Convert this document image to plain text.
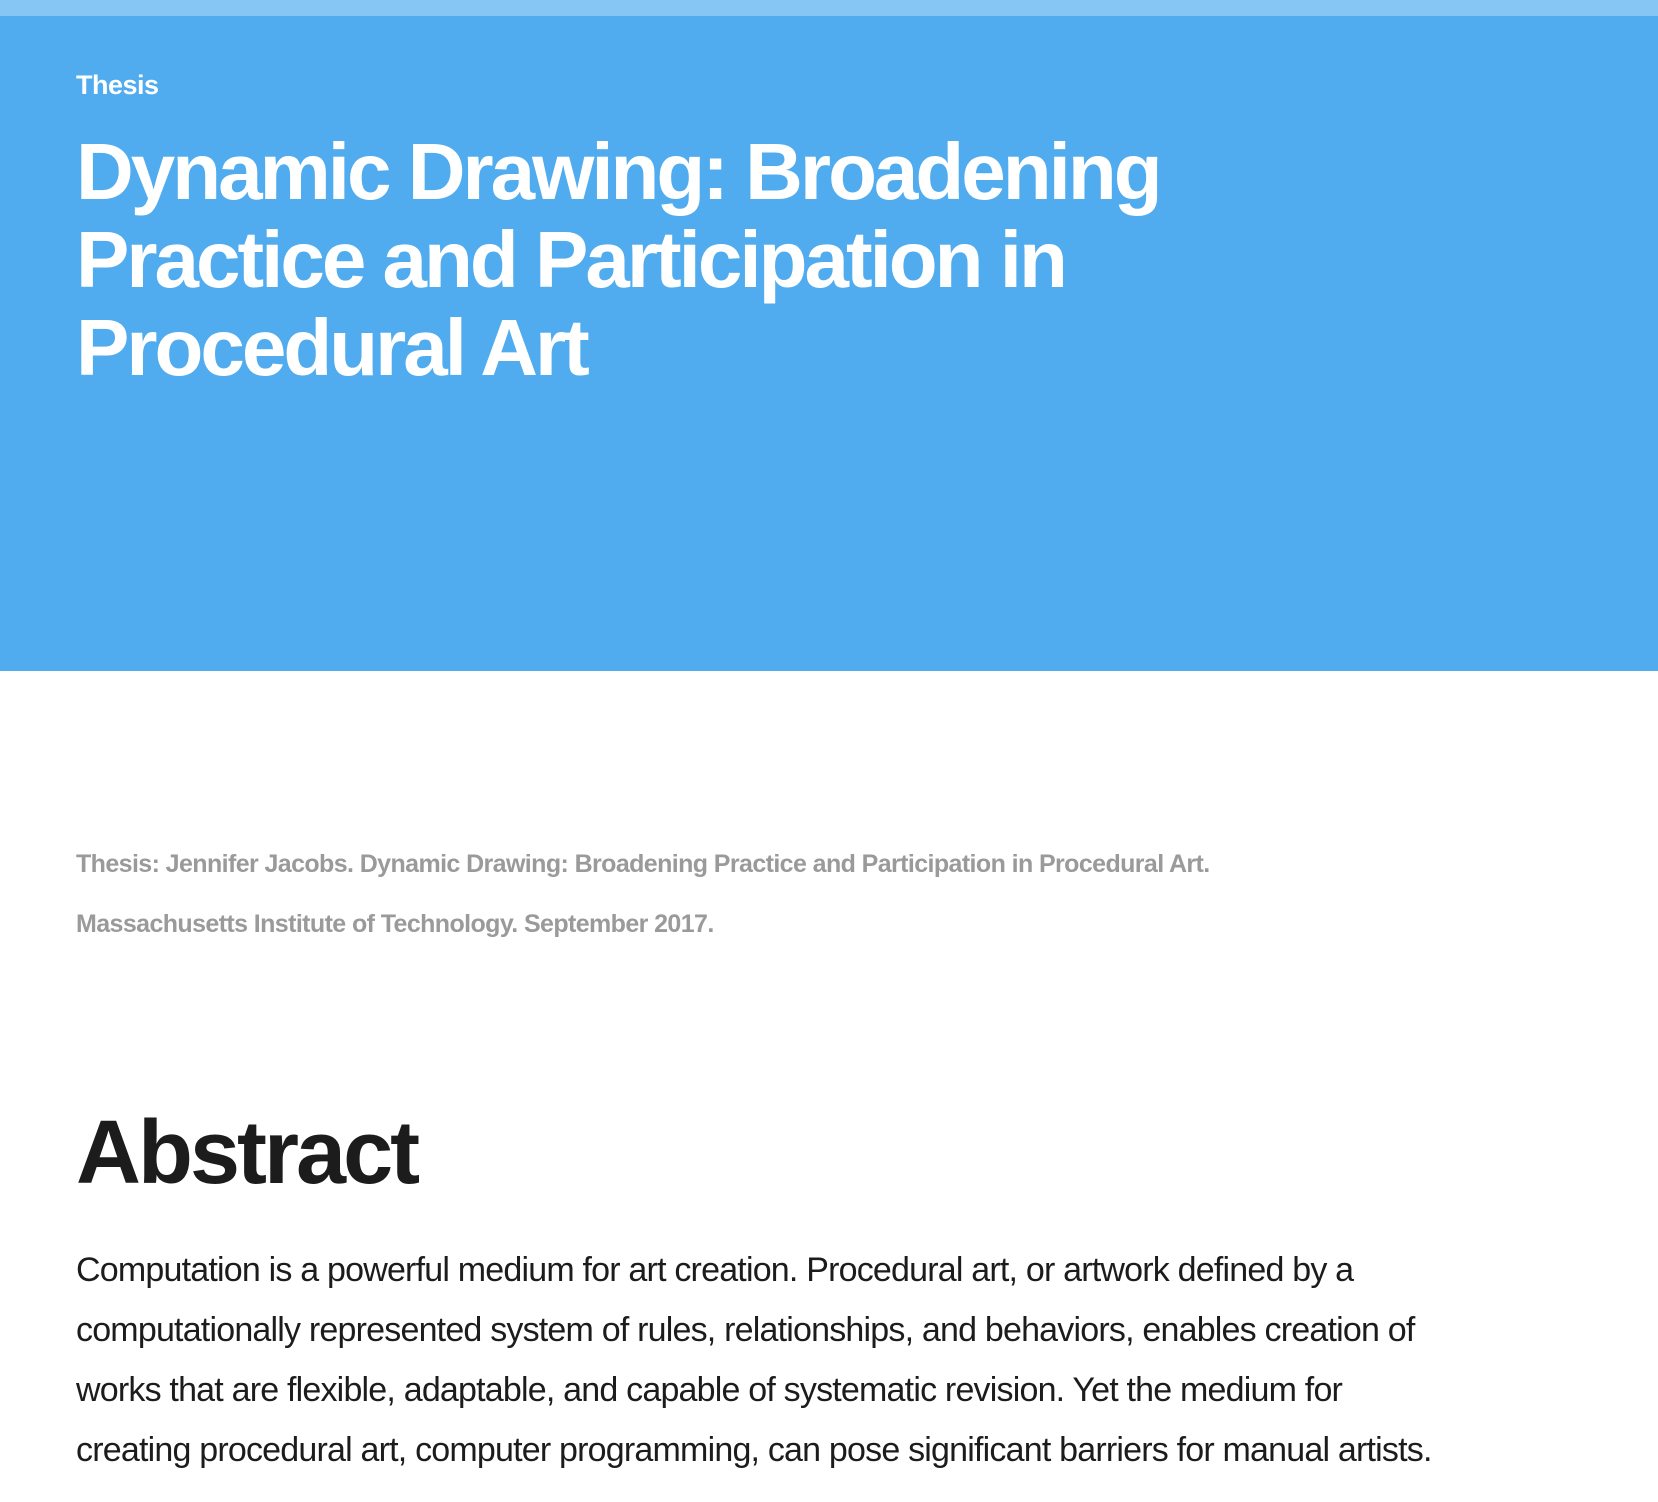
Thesis

Dynamic Drawing: Broadening
Practice and Participation in
Procedural Art

Thesis: Jennifer Jacobs. Dynamic Drawing: Broadening Practice and Participation in Procedural Art.
Massachusetts Institute of Technology. September 2017.

Abstract

Computation is a powerful medium for art creation. Procedural art, or artwork defined by a
computationally represented system of rules, relationships, and behaviors, enables creation of
works that are flexible, adaptable, and capable of systematic revision. Yet the medium for
creating procedural art, computer programming, can pose significant barriers for manual artists.
